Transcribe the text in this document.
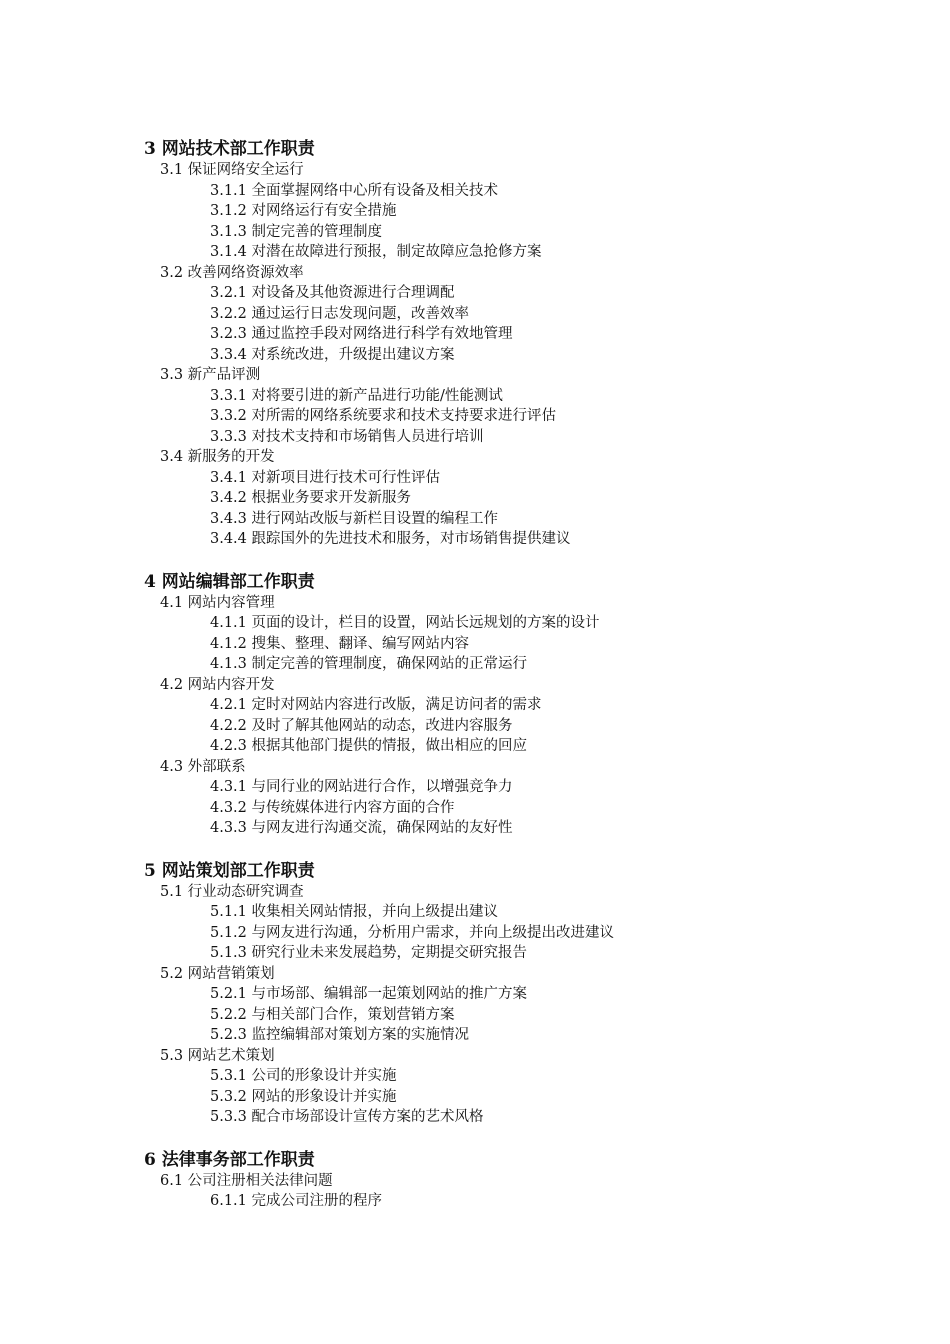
3 网站技术部工作职责
3.1 保证网络安全运行
3.1.1 全面掌握网络中心所有设备及相关技术
3.1.2 对网络运行有安全措施
3.1.3 制定完善的管理制度
3.1.4 对潜在故障进行预报，制定故障应急抢修方案
3.2 改善网络资源效率
3.2.1 对设备及其他资源进行合理调配
3.2.2 通过运行日志发现问题，改善效率
3.2.3 通过监控手段对网络进行科学有效地管理
3.3.4 对系统改进，升级提出建议方案
3.3 新产品评测
3.3.1 对将要引进的新产品进行功能/性能测试
3.3.2 对所需的网络系统要求和技术支持要求进行评估
3.3.3 对技术支持和市场销售人员进行培训
3.4 新服务的开发
3.4.1 对新项目进行技术可行性评估
3.4.2 根据业务要求开发新服务
3.4.3 进行网站改版与新栏目设置的编程工作
3.4.4 跟踪国外的先进技术和服务，对市场销售提供建议
4 网站编辑部工作职责
4.1 网站内容管理
4.1.1 页面的设计，栏目的设置，网站长远规划的方案的设计
4.1.2 搜集、整理、翻译、编写网站内容
4.1.3 制定完善的管理制度，确保网站的正常运行
4.2 网站内容开发
4.2.1 定时对网站内容进行改版，满足访问者的需求
4.2.2 及时了解其他网站的动态，改进内容服务
4.2.3 根据其他部门提供的情报，做出相应的回应
4.3 外部联系
4.3.1 与同行业的网站进行合作，以增强竞争力
4.3.2 与传统媒体进行内容方面的合作
4.3.3 与网友进行沟通交流，确保网站的友好性
5 网站策划部工作职责
5.1 行业动态研究调查
5.1.1 收集相关网站情报，并向上级提出建议
5.1.2 与网友进行沟通，分析用户需求，并向上级提出改进建议
5.1.3 研究行业未来发展趋势，定期提交研究报告
5.2 网站营销策划
5.2.1 与市场部、编辑部一起策划网站的推广方案
5.2.2 与相关部门合作，策划营销方案
5.2.3 监控编辑部对策划方案的实施情况
5.3 网站艺术策划
5.3.1 公司的形象设计并实施
5.3.2 网站的形象设计并实施
5.3.3 配合市场部设计宣传方案的艺术风格
6 法律事务部工作职责
6.1 公司注册相关法律问题
6.1.1 完成公司注册的程序
